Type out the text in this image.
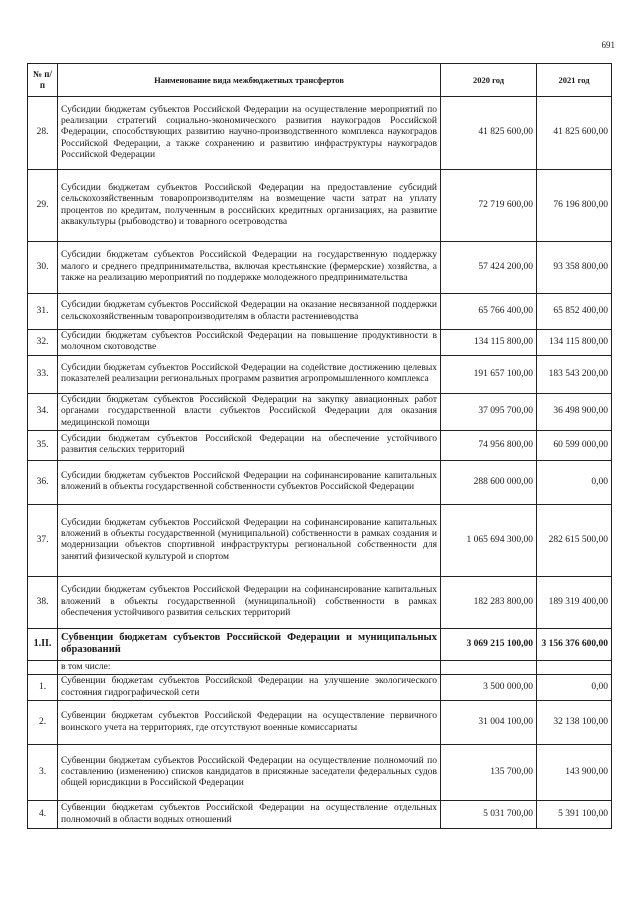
691
№ п/п	Наименование вида межбюджетных трансфертов	2020 год	2021 год
28.	Субсидии бюджетам субъектов Российской Федерации на осуществление мероприятий по реализации стратегий социально-экономического развития наукоградов Российской Федерации, способствующих развитию научно-производственного комплекса наукоградов Российской Федерации, а также сохранению и развитию инфраструктуры наукоградов Российской Федерации	41 825 600,00	41 825 600,00
29.	Субсидии бюджетам субъектов Российской Федерации на предоставление субсидий сельскохозяйственным товаропроизводителям на возмещение части затрат на уплату процентов по кредитам, полученным в российских кредитных организациях, на развитие аквакультуры (рыбоводство) и товарного осетроводства	72 719 600,00	76 196 800,00
30.	Субсидии бюджетам субъектов Российской Федерации на государственную поддержку малого и среднего предпринимательства, включая крестьянские (фермерские) хозяйства, а также на реализацию мероприятий по поддержке молодежного предпринимательства	57 424 200,00	93 358 800,00
31.	Субсидии бюджетам субъектов Российской Федерации на оказание несвязанной поддержки сельскохозяйственным товаропроизводителям в области растениеводства	65 766 400,00	65 852 400,00
32.	Субсидии бюджетам субъектов Российской Федерации на повышение продуктивности в молочном скотоводстве	134 115 800,00	134 115 800,00
33.	Субсидии бюджетам субъектов Российской Федерации на содействие достижению целевых показателей реализации региональных программ развития агропромышленного комплекса	191 657 100,00	183 543 200,00
34.	Субсидии бюджетам субъектов Российской Федерации на закупку авиационных работ органами государственной власти субъектов Российской Федерации для оказания медицинской помощи	37 095 700,00	36 498 900,00
35.	Субсидии бюджетам субъектов Российской Федерации на обеспечение устойчивого развития сельских территорий	74 956 800,00	60 599 000,00
36.	Субсидии бюджетам субъектов Российской Федерации на софинансирование капитальных вложений в объекты государственной собственности субъектов Российской Федерации	288 600 000,00	0,00
37.	Субсидии бюджетам субъектов Российской Федерации на софинансирование капитальных вложений в объекты государственной (муниципальной) собственности в рамках создания и модернизации объектов спортивной инфраструктуры региональной собственности для занятий физической культурой и спортом	1 065 694 300,00	282 615 500,00
38.	Субсидии бюджетам субъектов Российской Федерации на софинансирование капитальных вложений в объекты государственной (муниципальной) собственности в рамках обеспечения устойчивого развития сельских территорий	182 283 800,00	189 319 400,00
1.II.	Субвенции бюджетам субъектов Российской Федерации и муниципальных образований	3 069 215 100,00	3 156 376 600,00
	в том числе:		
1.	Субвенции бюджетам субъектов Российской Федерации на улучшение экологического состояния гидрографической сети	3 500 000,00	0,00
2.	Субвенции бюджетам субъектов Российской Федерации на осуществление первичного воинского учета на территориях, где отсутствуют военные комиссариаты	31 004 100,00	32 138 100,00
3.	Субвенции бюджетам субъектов Российской Федерации на осуществление полномочий по составлению (изменению) списков кандидатов в присяжные заседатели федеральных судов общей юрисдикции в Российской Федерации	135 700,00	143 900,00
4.	Субвенции бюджетам субъектов Российской Федерации на осуществление отдельных полномочий в области водных отношений	5 031 700,00	5 391 100,00
